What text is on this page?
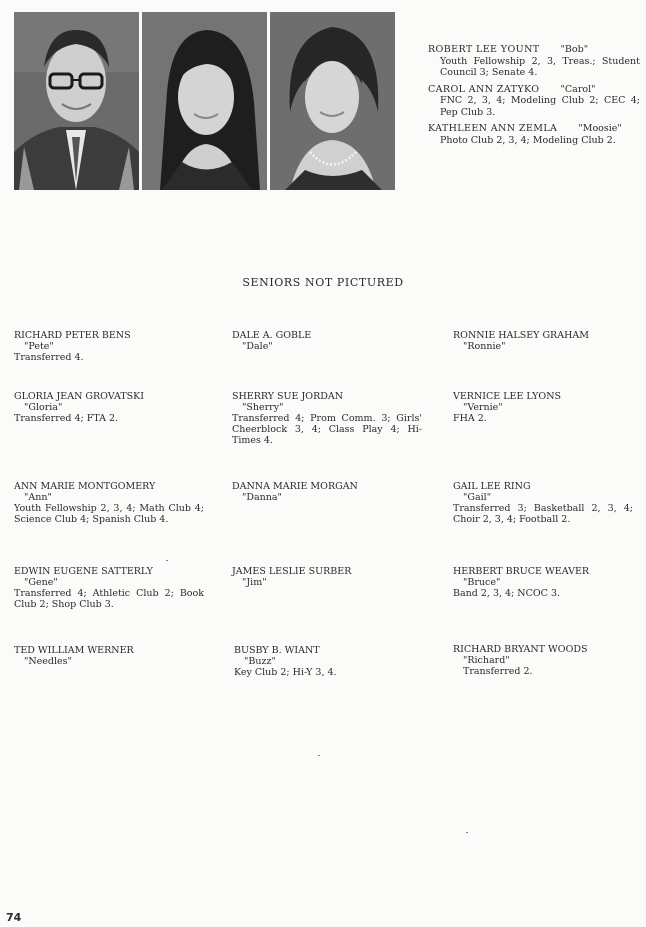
ROBERT LEE YOUNT "Bob"
Youth Fellowship 2, 3, Treas.; Student Council 3; Senate 4.
CAROL ANN ZATYKO "Carol"
FNC 2, 3, 4; Modeling Club 2; CEC 4; Pep Club 3.
KATHLEEN ANN ZEMLA "Moosie"
Photo Club 2, 3, 4; Modeling Club 2.
SENIORS NOT PICTURED
RICHARD PETER BENS
"Pete"
Transferred 4.
DALE A. GOBLE
"Dale"
RONNIE HALSEY GRAHAM
"Ronnie"
GLORIA JEAN GROVATSKI
"Gloria"
Transferred 4; FTA 2.
SHERRY SUE JORDAN
"Sherry"
Transferred 4; Prom Comm. 3; Girls' Cheerblock 3, 4; Class Play 4; Hi-Times 4.
VERNICE LEE LYONS
"Vernie"
FHA 2.
ANN MARIE MONTGOMERY
"Ann"
Youth Fellowship 2, 3, 4; Math Club 4; Science Club 4; Spanish Club 4.
DANNA MARIE MORGAN
"Danna"
GAIL LEE RING
"Gail"
Transferred 3; Basketball 2, 3, 4; Choir 2, 3, 4; Football 2.
EDWIN EUGENE SATTERLY
"Gene"
Transferred 4; Athletic Club 2; Book Club 2; Shop Club 3.
JAMES LESLIE SURBER
"Jim"
HERBERT BRUCE WEAVER
"Bruce"
Band 2, 3, 4; NCOC 3.
TED WILLIAM WERNER
"Needles"
BUSBY B. WIANT
"Buzz"
Key Club 2; Hi-Y 3, 4.
RICHARD BRYANT WOODS
"Richard"
Transferred 2.
74
